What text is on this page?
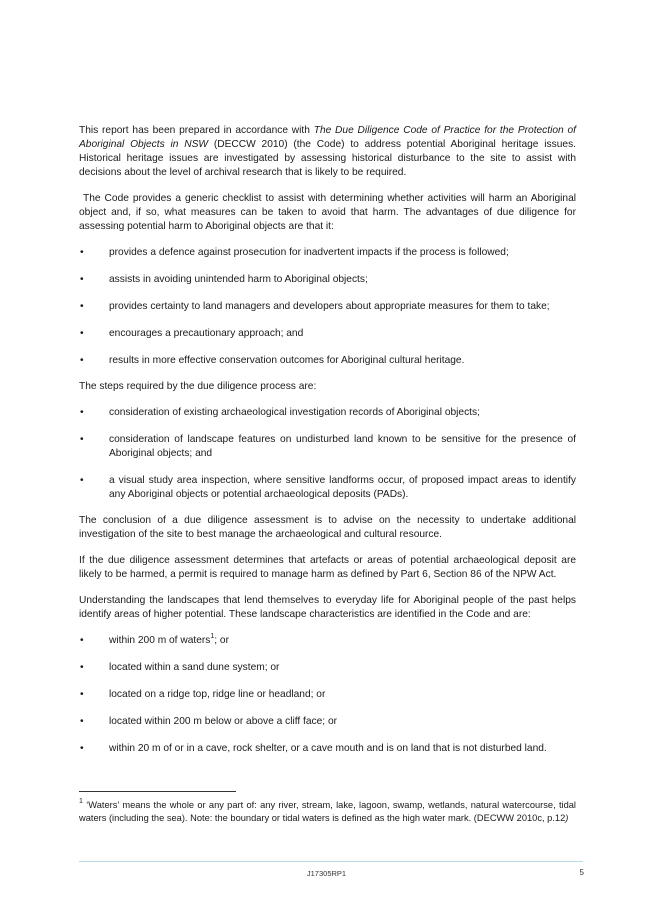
This report has been prepared in accordance with The Due Diligence Code of Practice for the Protection of Aboriginal Objects in NSW (DECCW 2010) (the Code) to address potential Aboriginal heritage issues. Historical heritage issues are investigated by assessing historical disturbance to the site to assist with decisions about the level of archival research that is likely to be required.

The Code provides a generic checklist to assist with determining whether activities will harm an Aboriginal object and, if so, what measures can be taken to avoid that harm. The advantages of due diligence for assessing potential harm to Aboriginal objects are that it:

• provides a defence against prosecution for inadvertent impacts if the process is followed;
• assists in avoiding unintended harm to Aboriginal objects;
• provides certainty to land managers and developers about appropriate measures for them to take;
• encourages a precautionary approach; and
• results in more effective conservation outcomes for Aboriginal cultural heritage.

The steps required by the due diligence process are:

• consideration of existing archaeological investigation records of Aboriginal objects;
• consideration of landscape features on undisturbed land known to be sensitive for the presence of Aboriginal objects; and
• a visual study area inspection, where sensitive landforms occur, of proposed impact areas to identify any Aboriginal objects or potential archaeological deposits (PADs).

The conclusion of a due diligence assessment is to advise on the necessity to undertake additional investigation of the site to best manage the archaeological and cultural resource.

If the due diligence assessment determines that artefacts or areas of potential archaeological deposit are likely to be harmed, a permit is required to manage harm as defined by Part 6, Section 86 of the NPW Act.

Understanding the landscapes that lend themselves to everyday life for Aboriginal people of the past helps identify areas of higher potential. These landscape characteristics are identified in the Code and are:

• within 200 m of waters$^1$; or
• located within a sand dune system; or
• located on a ridge top, ridge line or headland; or
• located within 200 m below or above a cliff face; or
• within 20 m of or in a cave, rock shelter, or a cave mouth and is on land that is not disturbed land.
$^1$ ‘Waters’ means the whole or any part of: any river, stream, lake, lagoon, swamp, wetlands, natural watercourse, tidal waters (including the sea). Note: the boundary or tidal waters is defined as the high water mark. (DECWW 2010c, p.12)
J17305RP1	5
